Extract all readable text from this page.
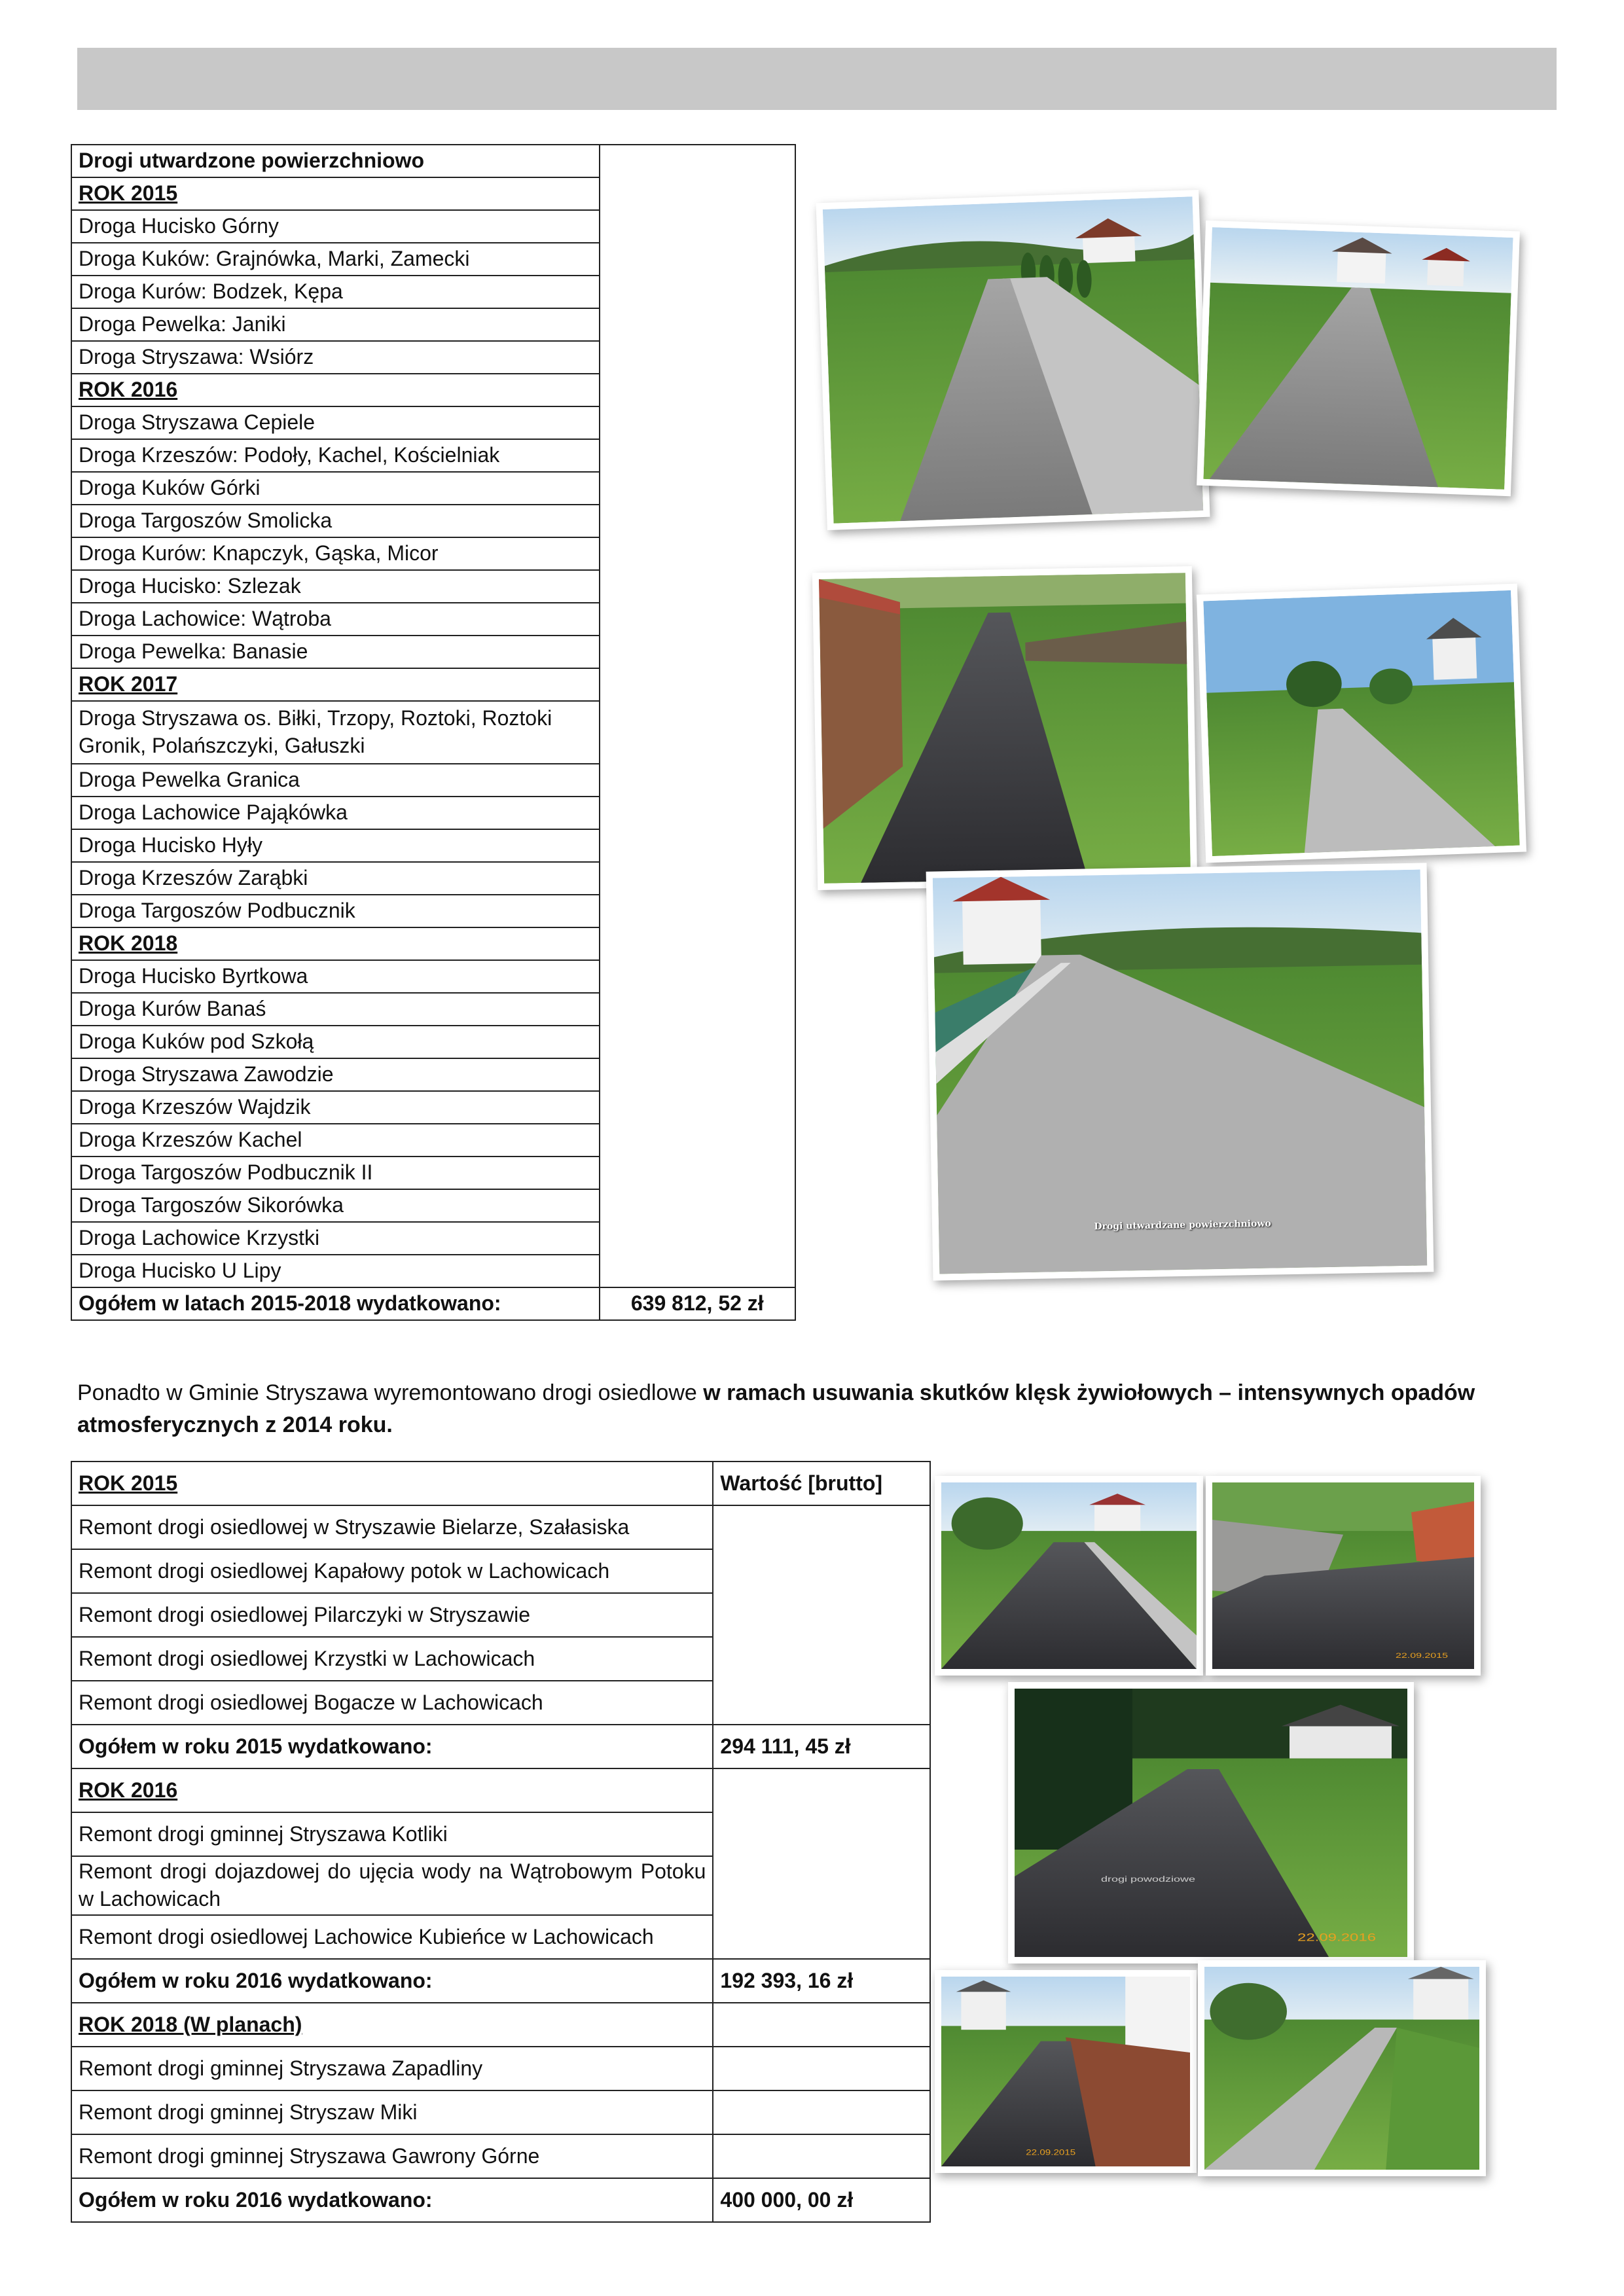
Drogi utwardzone powierzchniowo	
ROK 2015	
Droga Hucisko Górny	
Droga Kuków: Grajnówka, Marki, Zamecki	
Droga Kurów: Bodzek, Kępa	
Droga Pewelka: Janiki	
Droga Stryszawa: Wsiórz	
ROK 2016	
Droga Stryszawa Cepiele	
Droga Krzeszów: Podoły, Kachel, Kościelniak	
Droga Kuków Górki	
Droga Targoszów Smolicka	
Droga Kurów: Knapczyk, Gąska, Micor	
Droga Hucisko: Szlezak	
Droga Lachowice: Wątroba	
Droga Pewelka: Banasie	
ROK 2017	
Droga Stryszawa os. Biłki, Trzopy, Roztoki, Roztoki Gronik, Polańszczyki, Gałuszki	
Droga Pewelka Granica	
Droga Lachowice Pająkówka	
Droga Hucisko Hyły	
Droga Krzeszów Zarąbki	
Droga Targoszów Podbucznik	
ROK 2018	
Droga Hucisko Byrtkowa	
Droga Kurów Banaś	
Droga Kuków pod Szkołą	
Droga Stryszawa Zawodzie	
Droga Krzeszów Wajdzik	
Droga Krzeszów Kachel	
Droga Targoszów Podbucznik II	
Droga Targoszów Sikorówka	
Droga Lachowice Krzystki	
Droga Hucisko U Lipy	
Ogółem w latach 2015-2018 wydatkowano:	639 812, 52 zł

Ponadto w Gminie Stryszawa wyremontowano drogi osiedlowe w ramach usuwania skutków klęsk żywiołowych – intensywnych opadów atmosferycznych z 2014 roku.

ROK 2015	Wartość [brutto]
Remont drogi osiedlowej w Stryszawie Bielarze, Szałasiska	
Remont drogi osiedlowej Kapałowy potok w Lachowicach	
Remont drogi osiedlowej Pilarczyki w Stryszawie	
Remont drogi osiedlowej Krzystki w Lachowicach	
Remont drogi osiedlowej Bogacze w Lachowicach	
Ogółem w roku 2015 wydatkowano:	294 111, 45 zł
ROK 2016	
Remont drogi gminnej Stryszawa Kotliki	
Remont drogi dojazdowej do ujęcia wody na Wątrobowym Potoku w Lachowicach	
Remont drogi osiedlowej Lachowice Kubieńce w Lachowicach	
Ogółem w roku 2016 wydatkowano:	192 393, 16 zł
ROK 2018 (W planach)	
Remont drogi gminnej Stryszawa Zapadliny	
Remont drogi gminnej Stryszaw Miki	
Remont drogi gminnej Stryszawa Gawrony Górne	
Ogółem w roku 2016 wydatkowano:	400 000, 00 zł
Drogi utwardzane powierzchniowo
22.09.2015
drogi powodziowe
22.09.2016
22.09.2015
